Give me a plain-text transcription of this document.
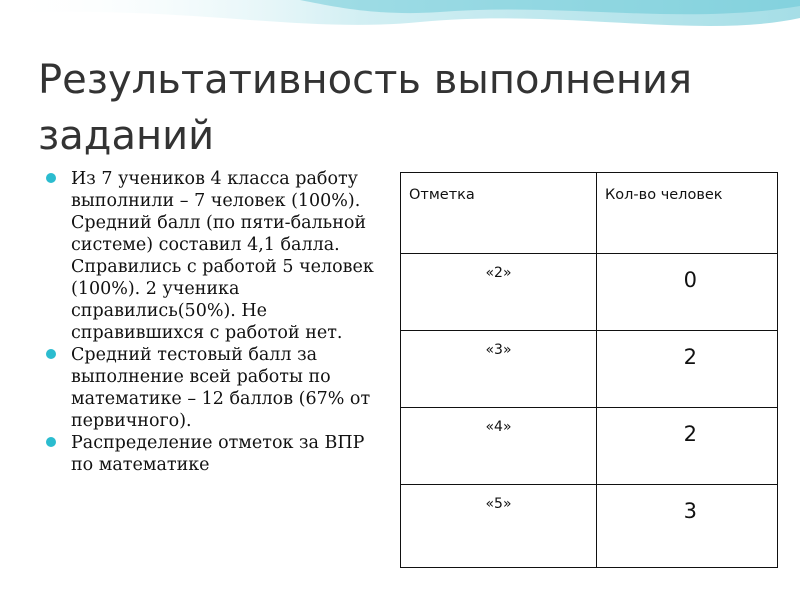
Результативность выполнения заданий
Из 7 учеников 4 класса работу выполнили – 7 человек (100%). Средний балл (по пяти-бальной системе) составил 4,1 балла. Справились с работой 5 человек (100%). 2 ученика справились(50%). Не справившихся с работой нет.
Средний тестовый балл за выполнение всей работы по математике – 12 баллов (67% от первичного).
Распределение отметок за ВПР по математике
Отметка	Кол-во человек
«2»	0
«3»	2
«4»	2
«5»	3
